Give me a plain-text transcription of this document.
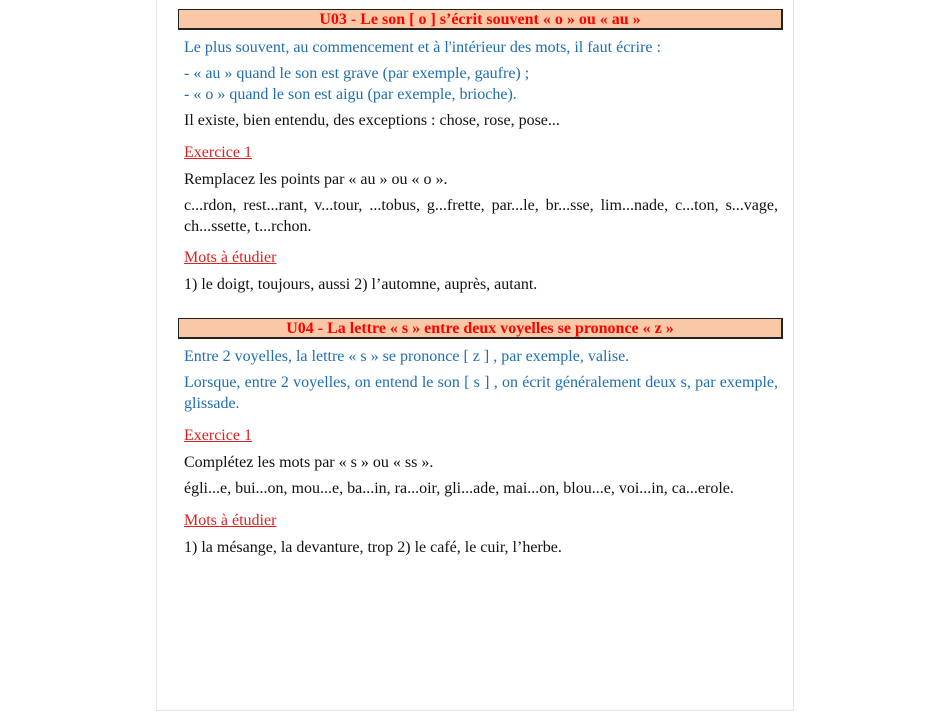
U03 - Le son [ o ] s’écrit souvent « o » ou « au »

Le plus souvent, au commencement et à l'intérieur des mots, il faut écrire :

- « au » quand le son est grave (par exemple, gaufre) ;

- « o » quand le son est aigu (par exemple, brioche).

Il existe, bien entendu, des exceptions : chose, rose, pose...

Exercice 1

Remplacez les points par « au » ou « o ».

c...rdon, rest...rant, v...tour, ...tobus, g...frette, par...le, br...sse, lim...nade, c...ton, s...vage, ch...ssette, t...rchon.

Mots à étudier

1) le doigt, toujours, aussi 2) l’automne, auprès, autant.

U04 - La lettre « s » entre deux voyelles se prononce « z »

Entre 2 voyelles, la lettre « s » se prononce [ z ] , par exemple, valise.

Lorsque, entre 2 voyelles, on entend le son [ s ] , on écrit généralement deux s, par exemple, glissade.

Exercice 1

Complétez les mots par « s » ou « ss ».

égli...e, bui...on, mou...e, ba...in, ra...oir, gli...ade, mai...on, blou...e, voi...in, ca...erole.

Mots à étudier

1) la mésange, la devanture, trop 2) le café, le cuir, l’herbe.
